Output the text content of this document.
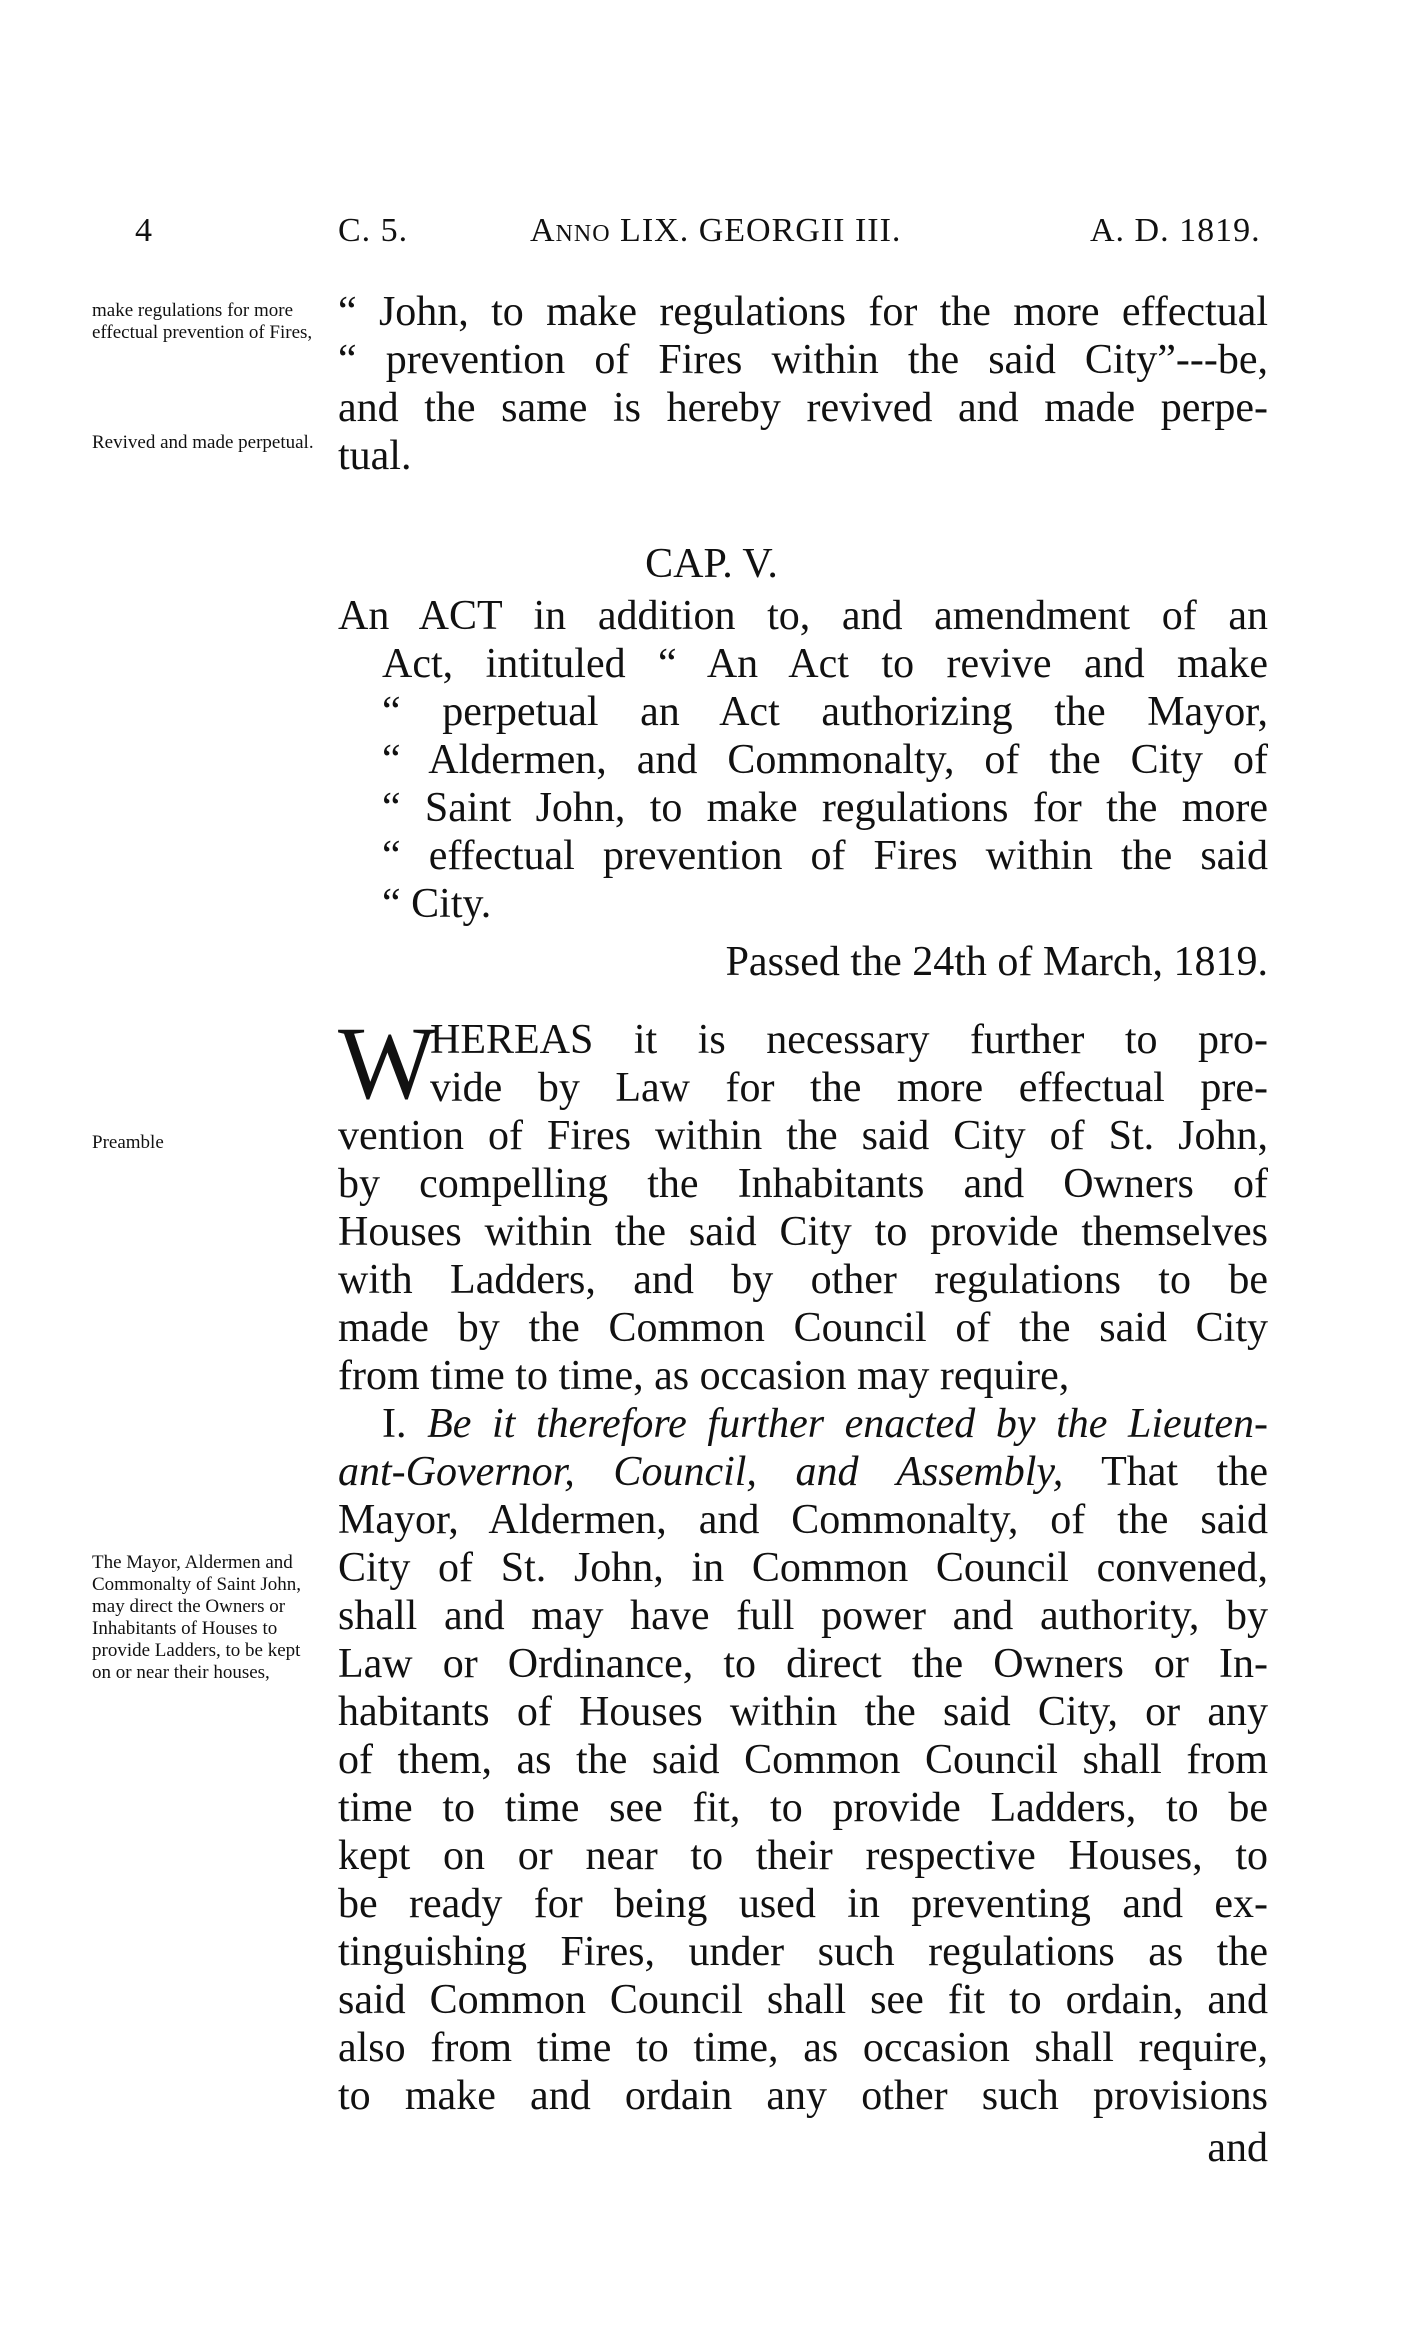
4	C. 5.	Anno LIX. GEORGII III.	A. D. 1819.
make regulations for more effectual prevention of Fires,
Revived and made perpetual.
Preamble
The Mayor, Aldermen and Commonalty of Saint John, may direct the Owners or Inhabitants of Houses to provide Ladders, to be kept on or near their houses,
“ John, to make regulations for the more effectual
“ prevention of Fires within the said City”---be,
and the same is hereby revived and made perpe-
tual.
CAP. V.
An ACT in addition to, and amendment of an
Act, intituled “ An Act to revive and make
“ perpetual an Act authorizing the Mayor,
“ Aldermen, and Commonalty, of the City of
“ Saint John, to make regulations for the more
“ effectual prevention of Fires within the said
“ City.
Passed the 24th of March, 1819.
W
HEREAS it is necessary further to pro-
vide by Law for the more effectual pre-
vention of Fires within the said City of St. John,
by compelling the Inhabitants and Owners of
Houses within the said City to provide themselves
with Ladders, and by other regulations to be
made by the Common Council of the said City
from time to time, as occasion may require,
I. Be it therefore further enacted by the Lieuten-
ant-Governor, Council, and Assembly, That the
Mayor, Aldermen, and Commonalty, of the said
City of St. John, in Common Council convened,
shall and may have full power and authority, by
Law or Ordinance, to direct the Owners or In-
habitants of Houses within the said City, or any
of them, as the said Common Council shall from
time to time see fit, to provide Ladders, to be
kept on or near to their respective Houses, to
be ready for being used in preventing and ex-
tinguishing Fires, under such regulations as the
said Common Council shall see fit to ordain, and
also from time to time, as occasion shall require,
to make and ordain any other such provisions
and
